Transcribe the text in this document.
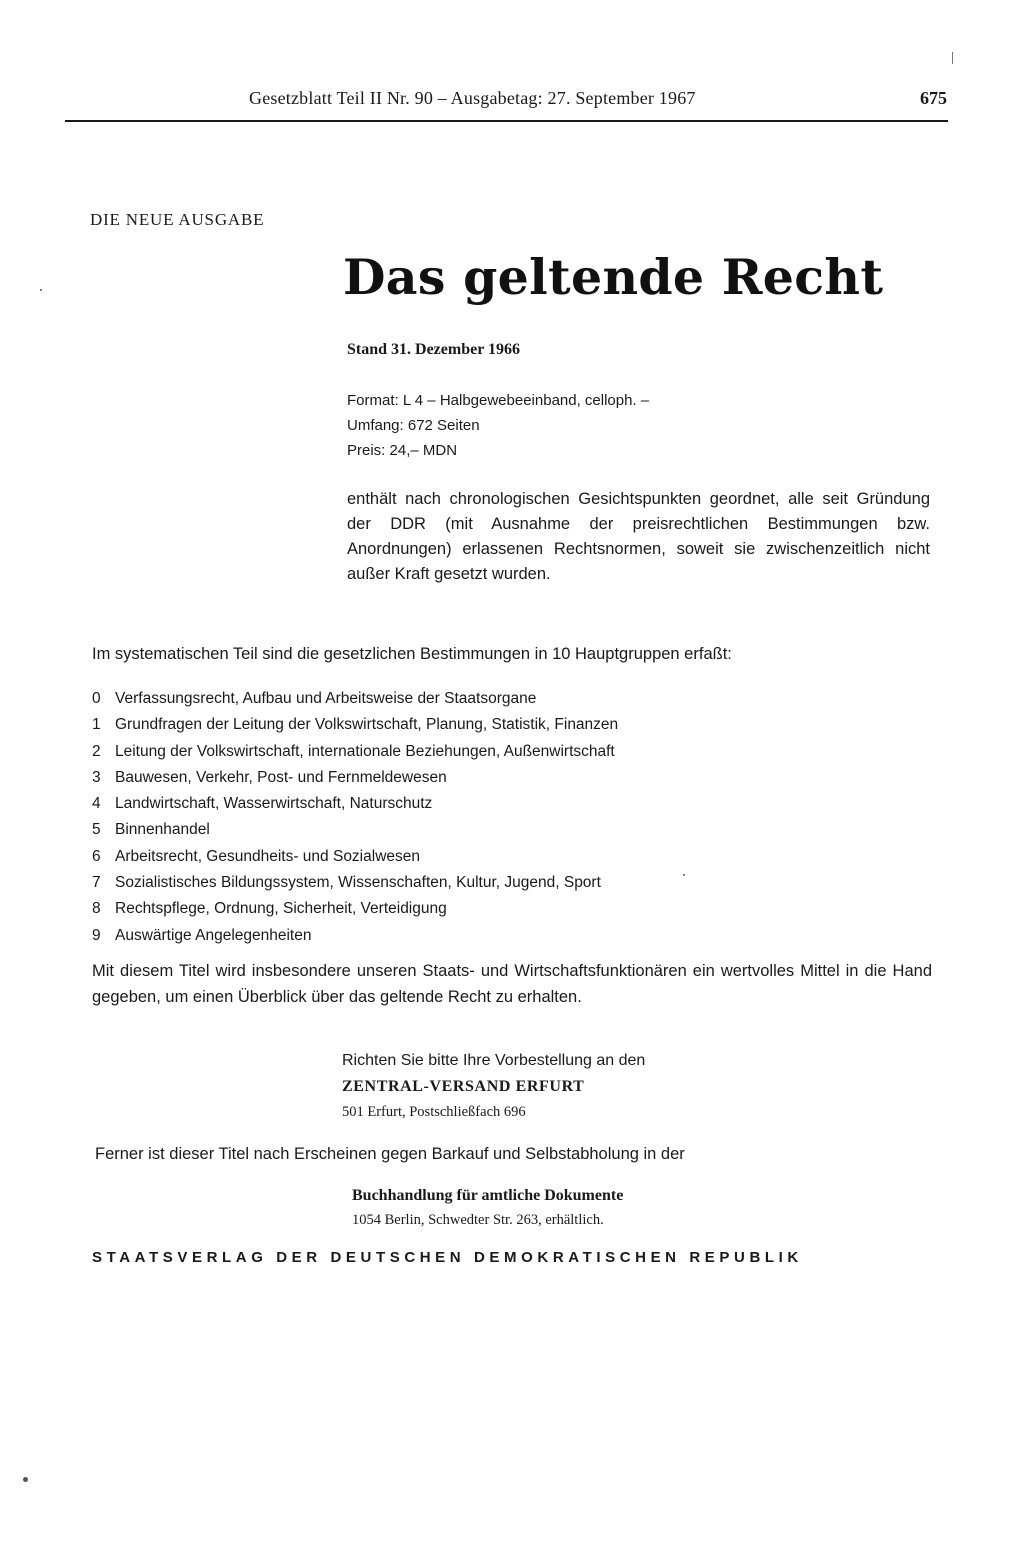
Gesetzblatt Teil II Nr. 90 – Ausgabetag: 27. September 1967	675
DIE NEUE AUSGABE
Das geltende Recht
Stand 31. Dezember 1966
Format: L 4 – Halbgewebeeinband, celloph. –
Umfang: 672 Seiten
Preis: 24,– MDN
enthält nach chronologischen Gesichtspunkten geordnet, alle seit Gründung der DDR (mit Ausnahme der preisrechtlichen Bestimmungen bzw. Anordnungen) erlassenen Rechtsnormen, soweit sie zwischenzeitlich nicht außer Kraft gesetzt wurden.
Im systematischen Teil sind die gesetzlichen Bestimmungen in 10 Hauptgruppen erfaßt:
0 Verfassungsrecht, Aufbau und Arbeitsweise der Staatsorgane
1 Grundfragen der Leitung der Volkswirtschaft, Planung, Statistik, Finanzen
2 Leitung der Volkswirtschaft, internationale Beziehungen, Außenwirtschaft
3 Bauwesen, Verkehr, Post- und Fernmeldewesen
4 Landwirtschaft, Wasserwirtschaft, Naturschutz
5 Binnenhandel
6 Arbeitsrecht, Gesundheits- und Sozialwesen
7 Sozialistisches Bildungssystem, Wissenschaften, Kultur, Jugend, Sport
8 Rechtspflege, Ordnung, Sicherheit, Verteidigung
9 Auswärtige Angelegenheiten
Mit diesem Titel wird insbesondere unseren Staats- und Wirtschaftsfunktionären ein wertvolles Mittel in die Hand gegeben, um einen Überblick über das geltende Recht zu erhalten.
Richten Sie bitte Ihre Vorbestellung an den
ZENTRAL-VERSAND ERFURT
501 Erfurt, Postschließfach 696
Ferner ist dieser Titel nach Erscheinen gegen Barkauf und Selbstabholung in der
Buchhandlung für amtliche Dokumente
1054 Berlin, Schwedter Str. 263, erhältlich.
STAATSVERLAG DER DEUTSCHEN DEMOKRATISCHEN REPUBLIK
